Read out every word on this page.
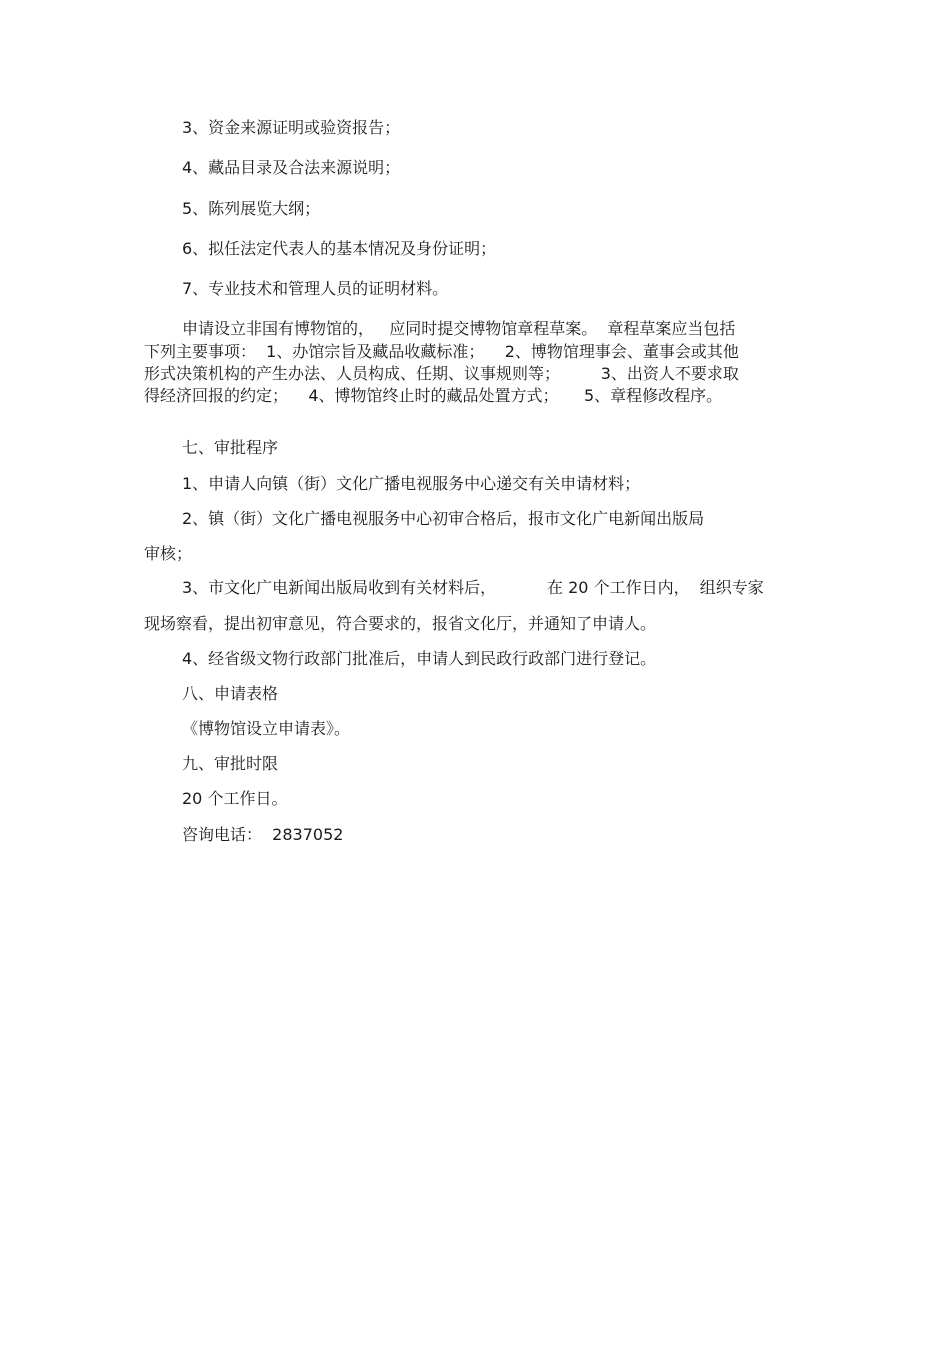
3、资金来源证明或验资报告；

4、藏品目录及合法来源说明；

5、陈列展览大纲；

6、拟任法定代表人的基本情况及身份证明；

7、专业技术和管理人员的证明材料。

申请设立非国有博物馆的，   应同时提交博物馆章程草案。  章程草案应当包括

下列主要事项：  1、办馆宗旨及藏品收藏标准；    2、博物馆理事会、董事会或其他

形式决策机构的产生办法、人员构成、任期、议事规则等；        3、出资人不要求取

得经济回报的约定；    4、博物馆终止时的藏品处置方式；     5、章程修改程序。

七、审批程序

1、申请人向镇（街）文化广播电视服务中心递交有关申请材料；

2、镇（街）文化广播电视服务中心初审合格后，报市文化广电新闻出版局

审核；

3、市文化广电新闻出版局收到有关材料后，          在 20 个工作日内，  组织专家

现场察看，提出初审意见，符合要求的，报省文化厅，并通知了申请人。

4、经省级文物行政部门批准后，申请人到民政行政部门进行登记。

八、申请表格

《博物馆设立申请表》。

九、审批时限

20 个工作日。

咨询电话：  2837052
